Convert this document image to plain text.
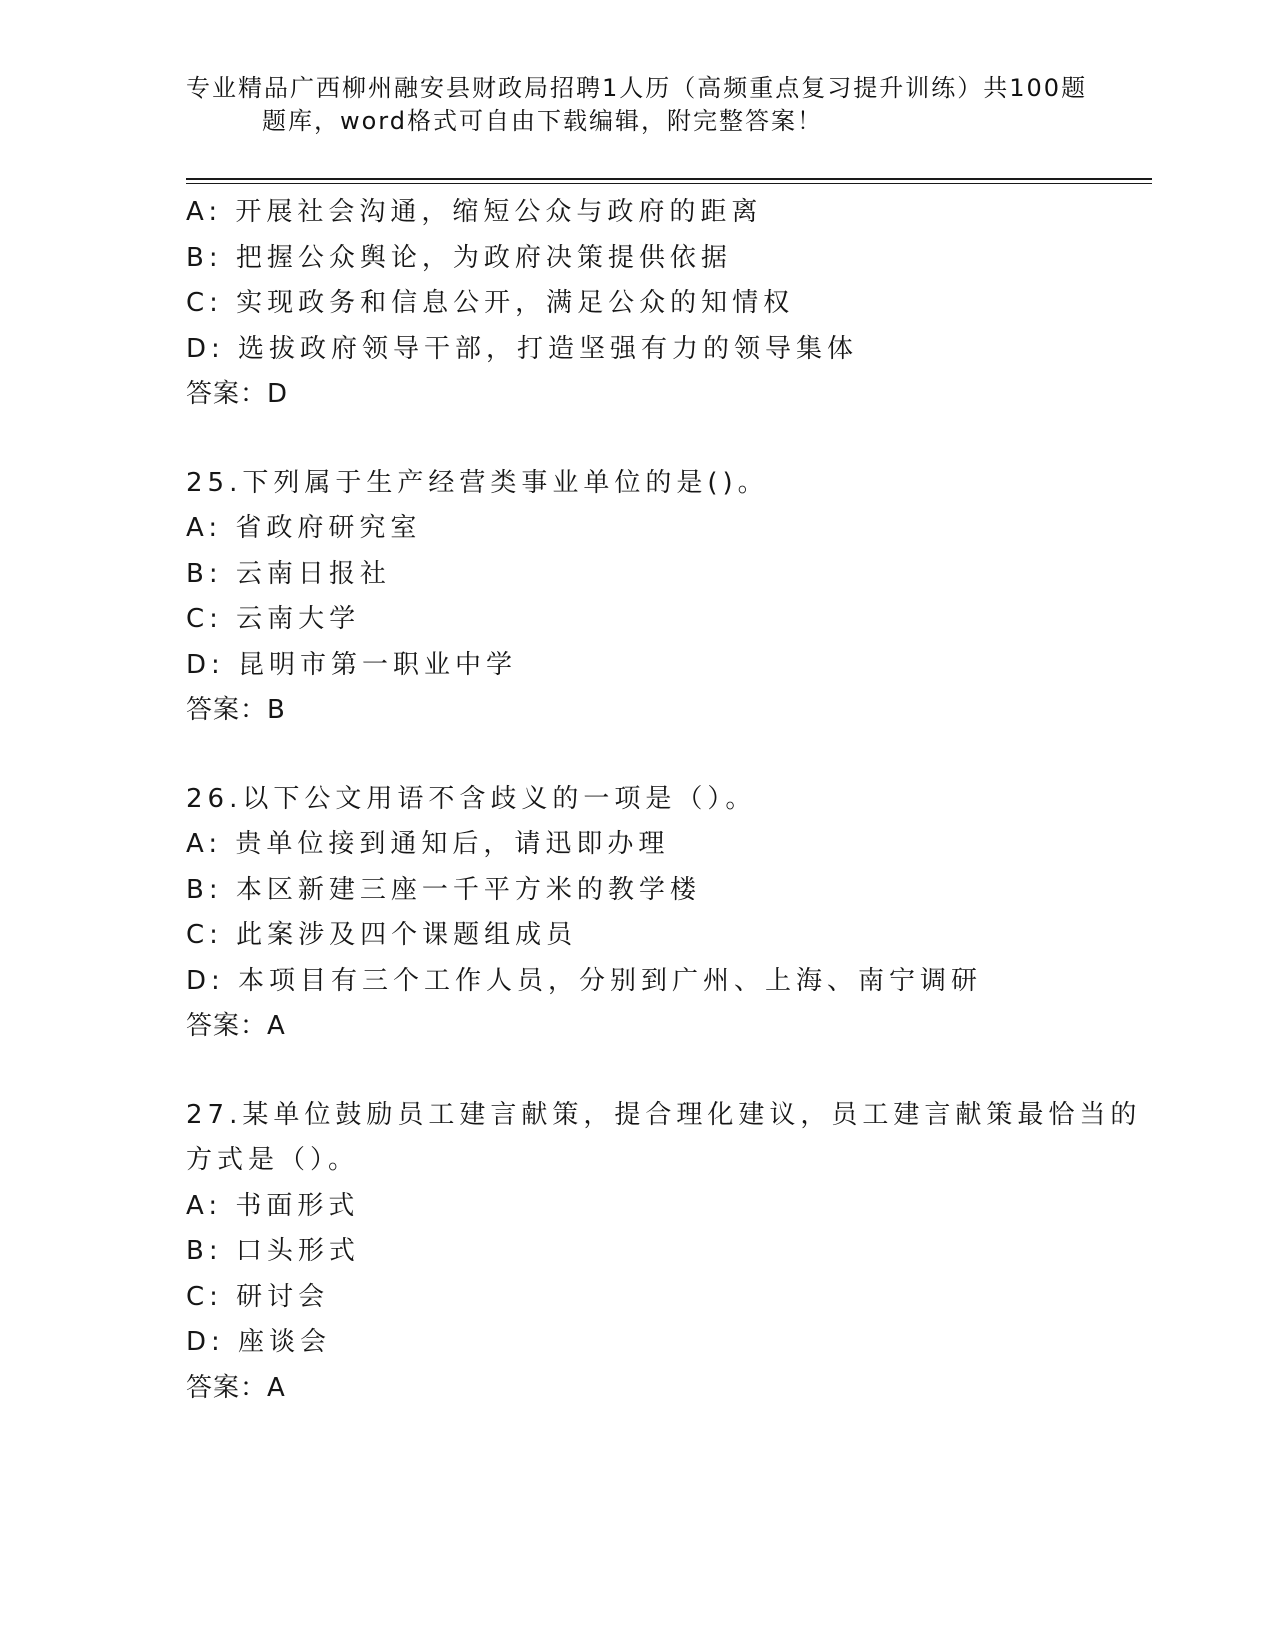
专业精品广西柳州融安县财政局招聘1人历（高频重点复习提升训练）共100题
题库，word格式可自由下载编辑，附完整答案！
A: 开展社会沟通，缩短公众与政府的距离
B: 把握公众舆论，为政府决策提供依据
C: 实现政务和信息公开，满足公众的知情权
D: 选拔政府领导干部，打造坚强有力的领导集体
答案：D
25.下列属于生产经营类事业单位的是()。
A: 省政府研究室
B: 云南日报社
C: 云南大学
D: 昆明市第一职业中学
答案：B
26.以下公文用语不含歧义的一项是（）。
A: 贵单位接到通知后，请迅即办理
B: 本区新建三座一千平方米的教学楼
C: 此案涉及四个课题组成员
D: 本项目有三个工作人员，分别到广州、上海、南宁调研
答案：A
27.某单位鼓励员工建言献策，提合理化建议，员工建言献策最恰当的
方式是（）。
A: 书面形式
B: 口头形式
C: 研讨会
D: 座谈会
答案：A
